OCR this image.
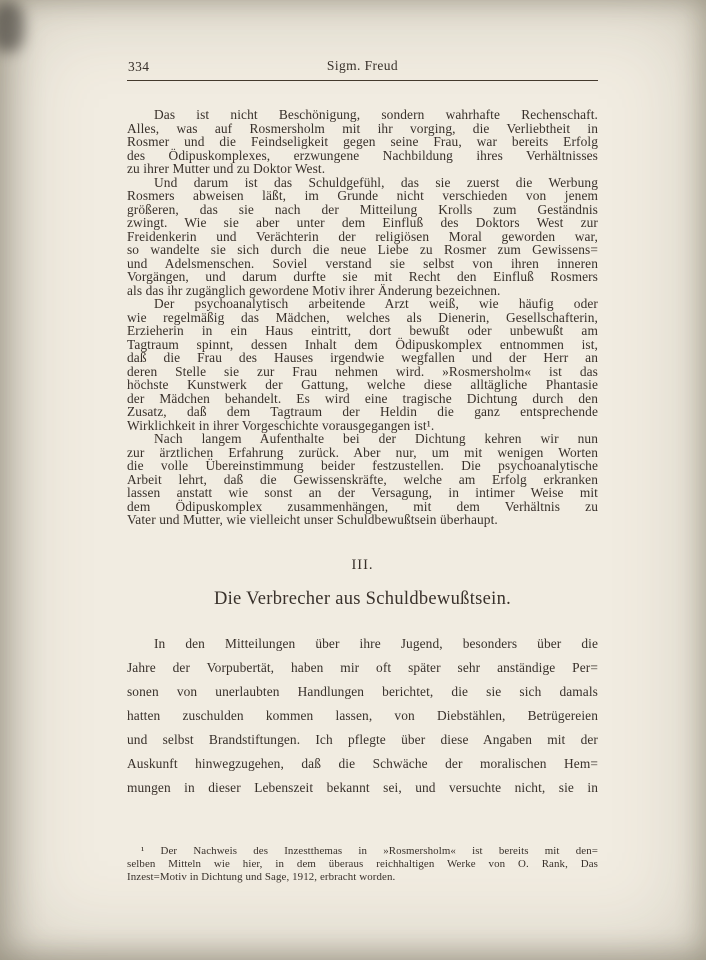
334	Sigm. Freud
Das ist nicht Beschönigung, sondern wahrhafte Rechenschaft.
Alles, was auf Rosmersholm mit ihr vorging, die Verliebtheit in
Rosmer und die Feindseligkeit gegen seine Frau, war bereits Erfolg
des Ödipuskomplexes, erzwungene Nachbildung ihres Verhältnisses
zu ihrer Mutter und zu Doktor West.
Und darum ist das Schuldgefühl, das sie zuerst die Werbung
Rosmers abweisen läßt, im Grunde nicht verschieden von jenem
größeren, das sie nach der Mitteilung Krolls zum Geständnis
zwingt. Wie sie aber unter dem Einfluß des Doktors West zur
Freidenkerin und Verächterin der religiösen Moral geworden war,
so wandelte sie sich durch die neue Liebe zu Rosmer zum Gewissens=
und Adelsmenschen. Soviel verstand sie selbst von ihren inneren
Vorgängen, und darum durfte sie mit Recht den Einfluß Rosmers
als das ihr zugänglich gewordene Motiv ihrer Änderung bezeichnen.
Der psychoanalytisch arbeitende Arzt weiß, wie häufig oder
wie regelmäßig das Mädchen, welches als Dienerin, Gesellschafterin,
Erzieherin in ein Haus eintritt, dort bewußt oder unbewußt am
Tagtraum spinnt, dessen Inhalt dem Ödipuskomplex entnommen ist,
daß die Frau des Hauses irgendwie wegfallen und der Herr an
deren Stelle sie zur Frau nehmen wird. »Rosmersholm« ist das
höchste Kunstwerk der Gattung, welche diese alltägliche Phantasie
der Mädchen behandelt. Es wird eine tragische Dichtung durch den
Zusatz, daß dem Tagtraum der Heldin die ganz entsprechende
Wirklichkeit in ihrer Vorgeschichte vorausgegangen ist¹.
Nach langem Aufenthalte bei der Dichtung kehren wir nun
zur ärztlichen Erfahrung zurück. Aber nur, um mit wenigen Worten
die volle Übereinstimmung beider festzustellen. Die psychoanalytische
Arbeit lehrt, daß die Gewissenskräfte, welche am Erfolg erkranken
lassen anstatt wie sonst an der Versagung, in intimer Weise mit
dem Ödipuskomplex zusammenhängen, mit dem Verhältnis zu
Vater und Mutter, wie vielleicht unser Schuldbewußtsein überhaupt.
III.
Die Verbrecher aus Schuldbewußtsein.
In den Mitteilungen über ihre Jugend, besonders über die
Jahre der Vorpubertät, haben mir oft später sehr anständige Per=
sonen von unerlaubten Handlungen berichtet, die sie sich damals
hatten zuschulden kommen lassen, von Diebstählen, Betrügereien
und selbst Brandstiftungen. Ich pflegte über diese Angaben mit der
Auskunft hinwegzugehen, daß die Schwäche der moralischen Hem=
mungen in dieser Lebenszeit bekannt sei, und versuchte nicht, sie in
¹ Der Nachweis des Inzestthemas in »Rosmersholm« ist bereits mit den=
selben Mitteln wie hier, in dem überaus reichhaltigen Werke von O. Rank, Das
Inzest=Motiv in Dichtung und Sage, 1912, erbracht worden.
